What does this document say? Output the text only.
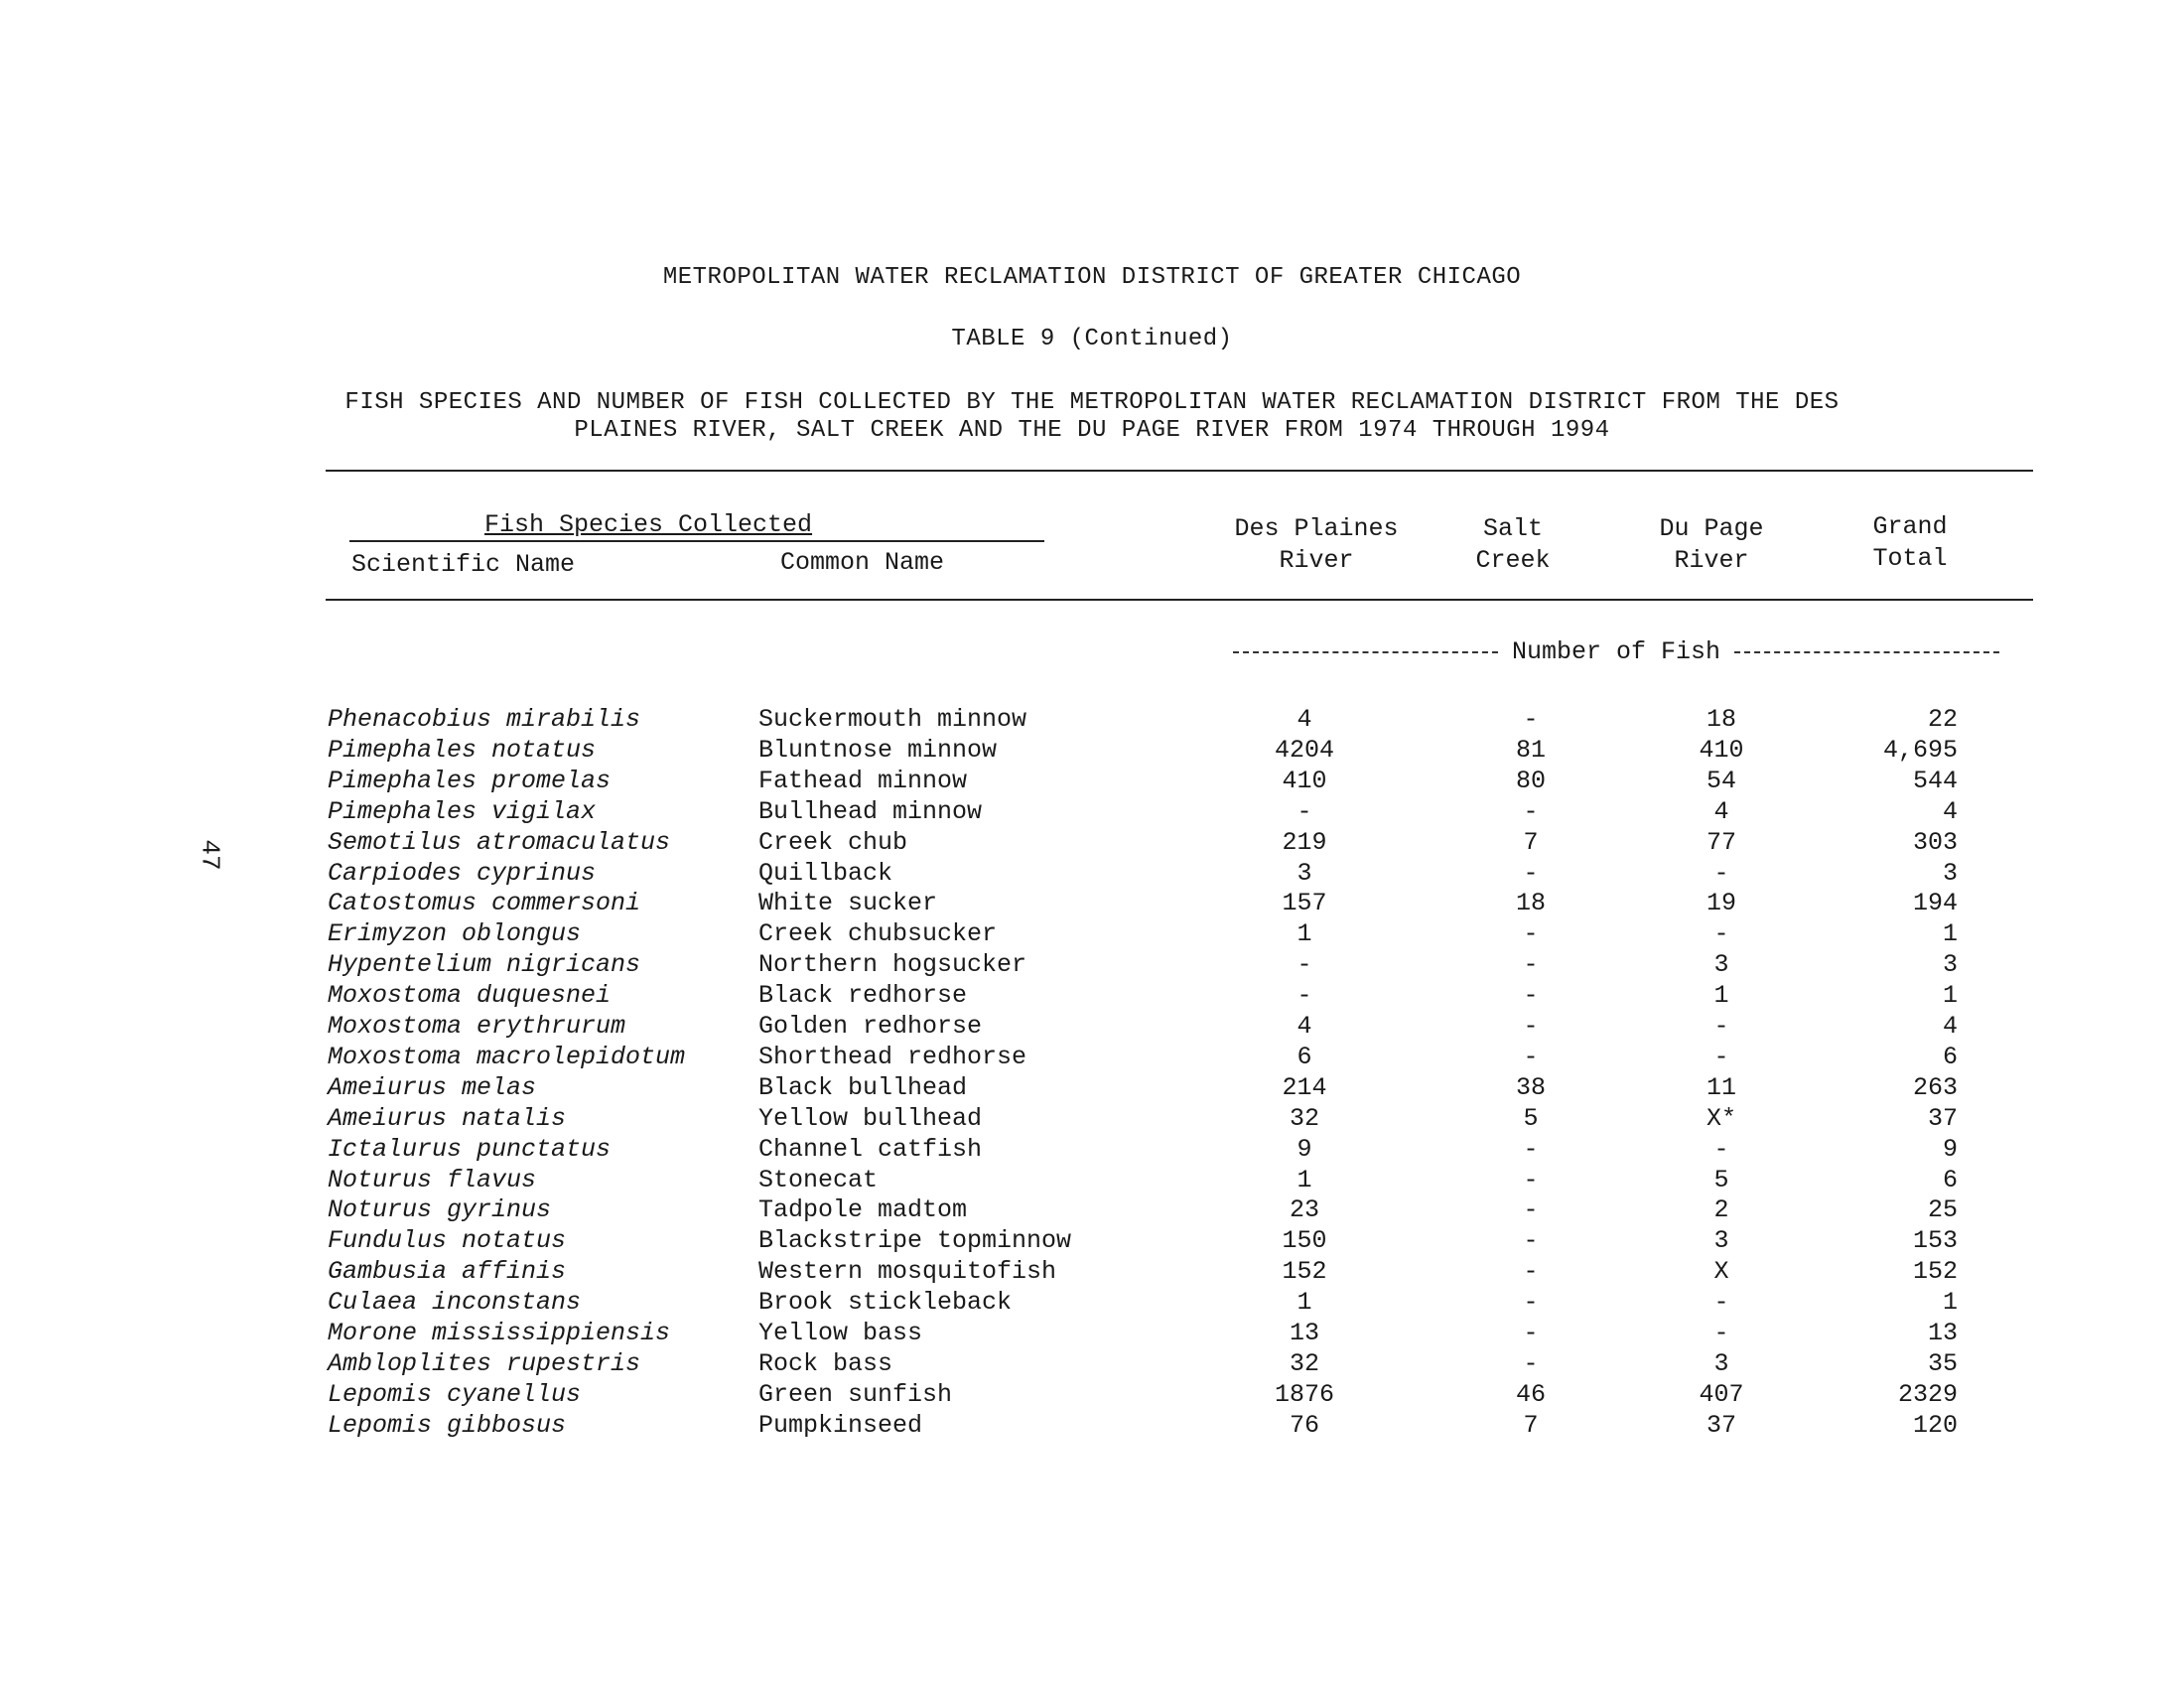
METROPOLITAN WATER RECLAMATION DISTRICT OF GREATER CHICAGO
TABLE 9 (Continued)
FISH SPECIES AND NUMBER OF FISH COLLECTED BY THE METROPOLITAN WATER RECLAMATION DISTRICT FROM THE DES
PLAINES RIVER, SALT CREEK AND THE DU PAGE RIVER FROM 1974 THROUGH 1994
Fish Species Collected
Scientific Name	Common Name
Des Plaines
River
Salt
Creek
Du Page
River
Grand
Total
Number of Fish
Phenacobius mirabilis	Suckermouth minnow	4	-	18	22
Pimephales notatus	Bluntnose minnow	4204	81	410	4,695
Pimephales promelas	Fathead minnow	410	80	54	544
Pimephales vigilax	Bullhead minnow	-	-	4	4
Semotilus atromaculatus	Creek chub	219	7	77	303
Carpiodes cyprinus	Quillback	3	-	-	3
Catostomus commersoni	White sucker	157	18	19	194
Erimyzon oblongus	Creek chubsucker	1	-	-	1
Hypentelium nigricans	Northern hogsucker	-	-	3	3
Moxostoma duquesnei	Black redhorse	-	-	1	1
Moxostoma erythrurum	Golden redhorse	4	-	-	4
Moxostoma macrolepidotum	Shorthead redhorse	6	-	-	6
Ameiurus melas	Black bullhead	214	38	11	263
Ameiurus natalis	Yellow bullhead	32	5	X*	37
Ictalurus punctatus	Channel catfish	9	-	-	9
Noturus flavus	Stonecat	1	-	5	6
Noturus gyrinus	Tadpole madtom	23	-	2	25
Fundulus notatus	Blackstripe topminnow	150	-	3	153
Gambusia affinis	Western mosquitofish	152	-	X	152
Culaea inconstans	Brook stickleback	1	-	-	1
Morone mississippiensis	Yellow bass	13	-	-	13
Ambloplites rupestris	Rock bass	32	-	3	35
Lepomis cyanellus	Green sunfish	1876	46	407	2329
Lepomis gibbosus	Pumpkinseed	76	7	37	120
47
